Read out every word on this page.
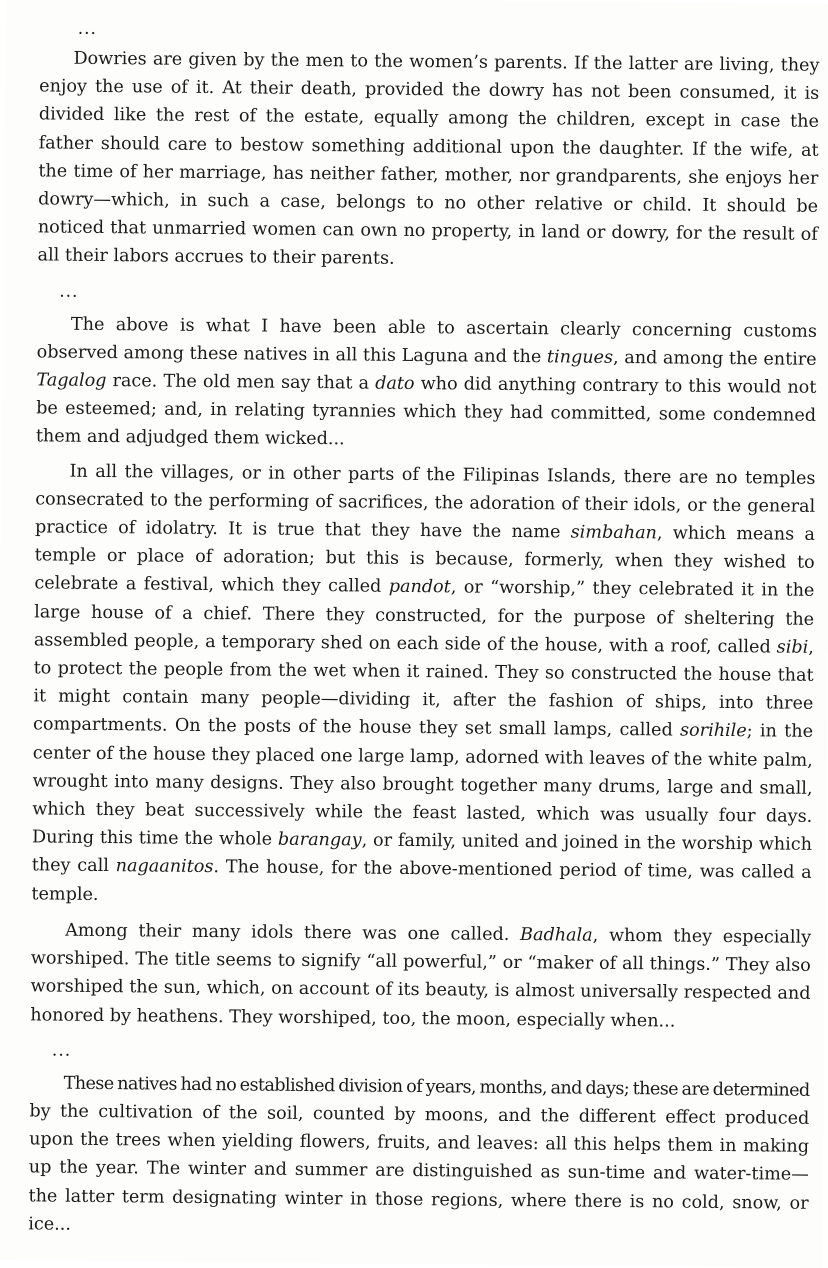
...

Dowries are given by the men to the women’s parents. If the latter are living, they enjoy the use of it. At their death, provided the dowry has not been consumed, it is divided like the rest of the estate, equally among the children, except in case the father should care to bestow something additional upon the daughter. If the wife, at the time of her marriage, has neither father, mother, nor grandparents, she enjoys her dowry—which, in such a case, belongs to no other relative or child. It should be noticed that unmarried women can own no property, in land or dowry, for the result of all their labors accrues to their parents.

...

The above is what I have been able to ascertain clearly concerning customs observed among these natives in all this Laguna and the tingues, and among the entire Tagalog race. The old men say that a dato who did anything contrary to this would not be esteemed; and, in relating tyrannies which they had committed, some condemned them and adjudged them wicked...

In all the villages, or in other parts of the Filipinas Islands, there are no temples consecrated to the performing of sacrifices, the adoration of their idols, or the general practice of idolatry. It is true that they have the name simbahan, which means a temple or place of adoration; but this is because, formerly, when they wished to celebrate a festival, which they called pandot, or “worship,” they celebrated it in the large house of a chief. There they constructed, for the purpose of sheltering the assembled people, a temporary shed on each side of the house, with a roof, called sibi, to protect the people from the wet when it rained. They so constructed the house that it might contain many people—dividing it, after the fashion of ships, into three compartments. On the posts of the house they set small lamps, called sorihile; in the center of the house they placed one large lamp, adorned with leaves of the white palm, wrought into many designs. They also brought together many drums, large and small, which they beat successively while the feast lasted, which was usually four days. During this time the whole barangay, or family, united and joined in the worship which they call nagaanitos. The house, for the above-mentioned period of time, was called a temple.

Among their many idols there was one called. Badhala, whom they especially worshiped. The title seems to signify “all powerful,” or “maker of all things.” They also worshiped the sun, which, on account of its beauty, is almost universally respected and honored by heathens. They worshiped, too, the moon, especially when...

...

These natives had no established division of years, months, and days; these are determined by the cultivation of the soil, counted by moons, and the different effect produced upon the trees when yielding flowers, fruits, and leaves: all this helps them in making up the year. The winter and summer are distinguished as sun-time and water-time—the latter term designating winter in those regions, where there is no cold, snow, or ice...
